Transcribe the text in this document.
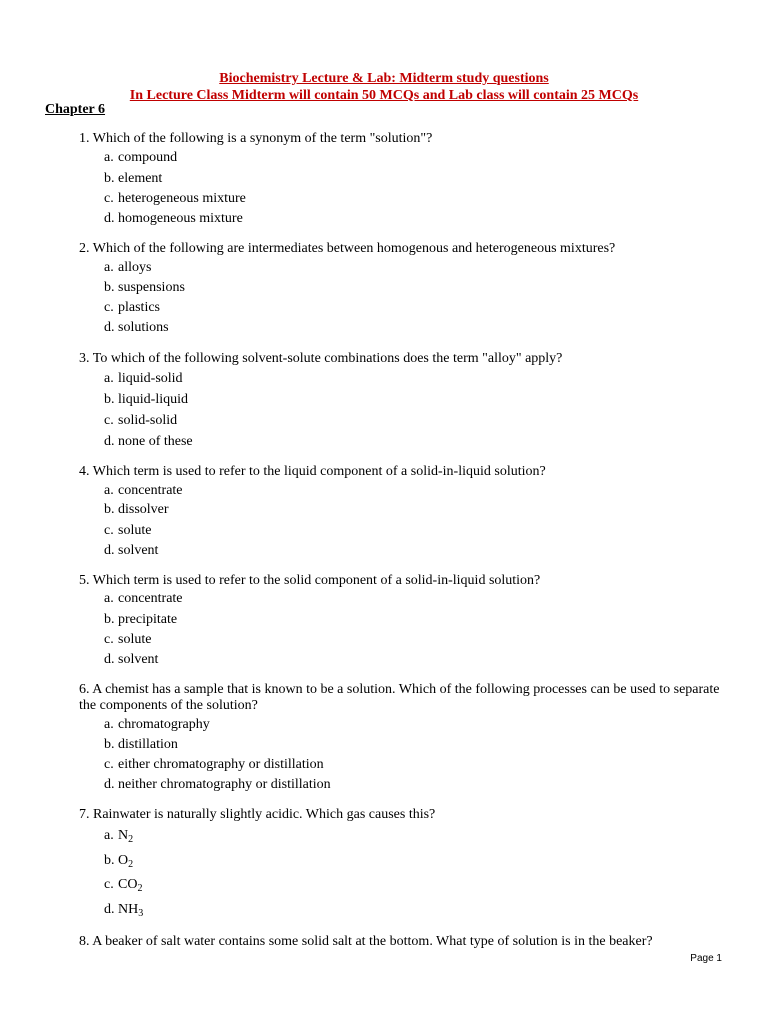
Biochemistry Lecture & Lab: Midterm study questions
In Lecture Class Midterm will contain 50 MCQs and Lab class will contain 25 MCQs
Chapter 6
1. Which of the following is a synonym of the term "solution"?
a. compound
b. element
c. heterogeneous mixture
d. homogeneous mixture
2. Which of the following are intermediates between homogenous and heterogeneous mixtures?
a. alloys
b. suspensions
c. plastics
d. solutions
3. To which of the following solvent-solute combinations does the term "alloy" apply?
a. liquid-solid
b. liquid-liquid
c. solid-solid
d. none of these
4. Which term is used to refer to the liquid component of a solid-in-liquid solution?
a. concentrate
b. dissolver
c. solute
d. solvent
5. Which term is used to refer to the solid component of a solid-in-liquid solution?
a. concentrate
b. precipitate
c. solute
d. solvent
6. A chemist has a sample that is known to be a solution. Which of the following processes can be used to separate the components of the solution?
a. chromatography
b. distillation
c. either chromatography or distillation
d. neither chromatography or distillation
7. Rainwater is naturally slightly acidic. Which gas causes this?
a. $N_2$
b. $O_2$
c. $CO_2$
d. $NH_3$
8. A beaker of salt water contains some solid salt at the bottom. What type of solution is in the beaker?
Page 1
